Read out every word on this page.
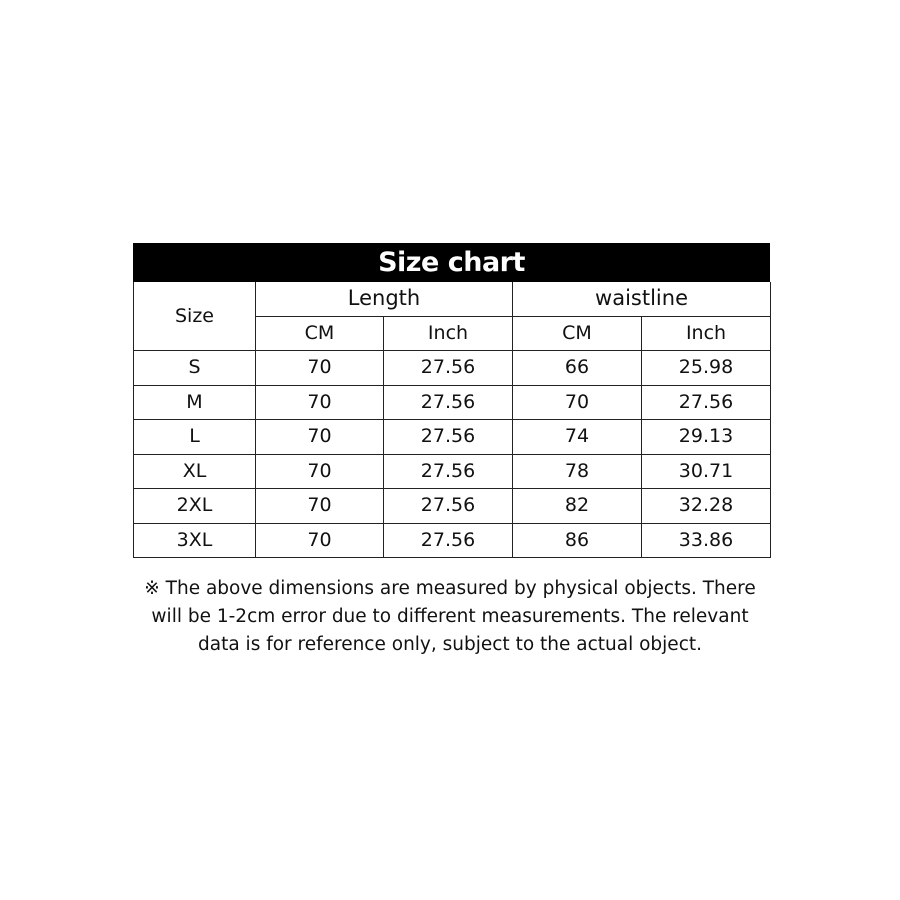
Size chart
Size	Length		waistline	
	CM	Inch	CM	Inch
S	70	27.56	66	25.98
M	70	27.56	70	27.56
L	70	27.56	74	29.13
XL	70	27.56	78	30.71
2XL	70	27.56	82	32.28
3XL	70	27.56	86	33.86
※ The above dimensions are measured by physical objects. There
will be 1-2cm error due to different measurements. The relevant
data is for reference only, subject to the actual object.
